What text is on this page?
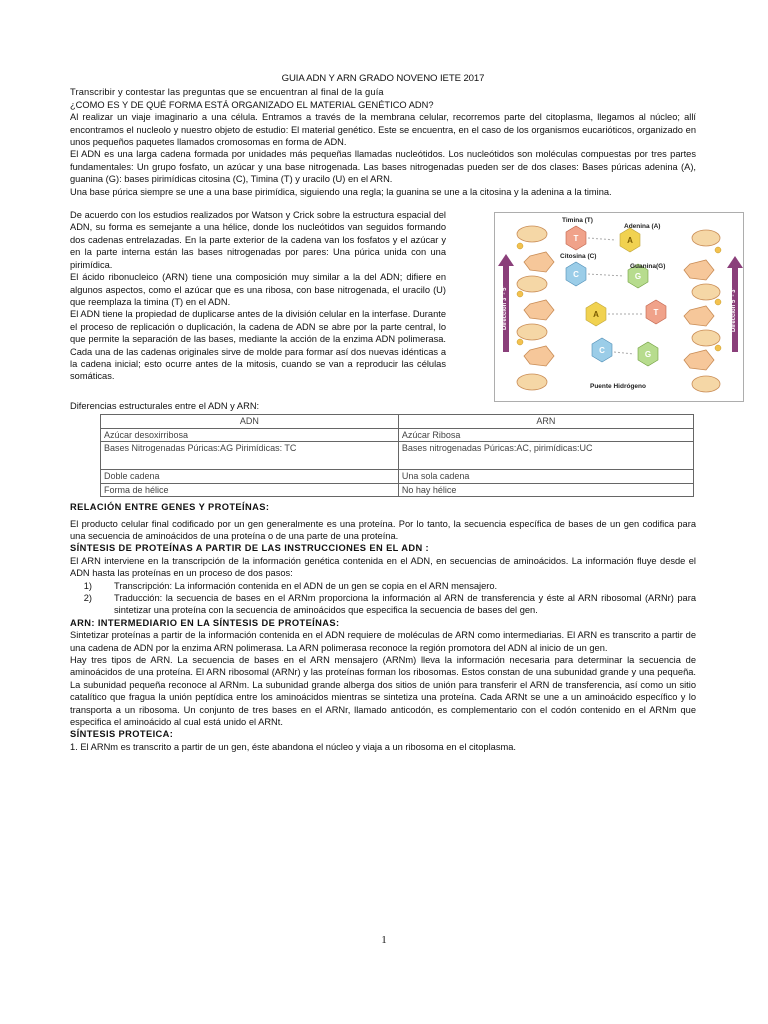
GUIA ADN Y ARN GRADO NOVENO IETE 2017

Transcribir y contestar las preguntas que se encuentran al final de la guía

¿COMO ES Y DE QUÉ FORMA ESTÁ ORGANIZADO EL MATERIAL GENÉTICO ADN?

Al realizar un viaje imaginario a una célula. Entramos a través de la membrana celular, recorremos parte del citoplasma, llegamos al núcleo; allí encontramos el nucleolo y nuestro objeto de estudio: El material genético. Este se encuentra, en el caso de los organismos eucarióticos, organizado en unos pequeños paquetes llamados cromosomas en forma de ADN.

El ADN es una larga cadena formada por unidades más pequeñas llamadas nucleótidos. Los nucleótidos son moléculas compuestas por tres partes fundamentales: Un grupo fosfato, un azúcar y una base nitrogenada. Las bases nitrogenadas pueden ser de dos clases: Bases púricas adenina (A), guanina (G): bases pirimídicas citosina (C), Timina (T) y uracilo (U) en el ARN.

Una base púrica siempre se une a una base pirimídica, siguiendo una regla; la guanina se une a la citosina y la adenina a la timina.

De acuerdo con los estudios realizados por Watson y Crick sobre la estructura espacial del ADN, su forma es semejante a una hélice, donde los nucleótidos van seguidos formando dos cadenas entrelazadas. En la parte exterior de la cadena van los fosfatos y el azúcar y en la parte interna están las bases nitrogenadas por pares: Una púrica unida con una pirimídica.

El ácido ribonucleico (ARN) tiene una composición muy similar a la del ADN; difiere en algunos aspectos, como el azúcar que es una ribosa, con base nitrogenada, el uracilo (U) que reemplaza la timina (T) en el ADN.

El ADN tiene la propiedad de duplicarse antes de la división celular en la interfase. Durante el proceso de replicación o duplicación, la cadena de ADN se abre por la parte central, lo que permite la separación de las bases, mediante la acción de la enzima ADN polimerasa. Cada una de las cadenas originales sirve de molde para formar así dos nuevas idénticas a la cadena inicial; esto ocurre antes de la mitosis, cuando se van a reproducir las células somáticas.

Dirección 3' - 5'	Dirección 5' - 3'
T	A
C	G
A	T
C	G
Timina (T)
Adenina (A)
Citosina (C)
Guanina(G)
Puente Hidrógeno

Diferencias estructurales entre el ADN y ARN:

ADN	ARN
Azúcar desoxirribosa	Azúcar Ribosa
Bases Nitrogenadas Púricas:AG Pirimídicas: TC	Bases nitrogenadas Púricas:AC, pirimídicas:UC
Doble cadena	Una sola cadena
Forma de hélice	No hay hélice

RELACIÓN ENTRE GENES Y PROTEÍNAS:

El producto celular final codificado por un gen generalmente es una proteína. Por lo tanto, la secuencia específica de bases de un gen codifica para una secuencia de aminoácidos de una proteína o de una parte de una proteína.

SÍNTESIS DE PROTEÍNAS A PARTIR DE LAS INSTRUCCIONES EN EL ADN :

El ARN interviene en la transcripción de la información genética contenida en el ADN, en secuencias de aminoácidos. La información fluye desde el ADN hasta las proteínas en un proceso de dos pasos:

1)	Transcripción: La información contenida en el ADN de un gen se copia en el ARN mensajero.
2)	Traducción: la secuencia de bases en el ARNm proporciona la información al ARN de transferencia y éste al ARN ribosomal (ARNr) para sintetizar una proteína con la secuencia de aminoácidos que especifica la secuencia de bases del gen.

ARN: INTERMEDIARIO EN LA SÍNTESIS DE PROTEÍNAS:

Sintetizar proteínas a partir de la información contenida en el ADN requiere de moléculas de ARN como intermediarias. El ARN es transcrito a partir de una cadena de ADN por la enzima ARN polimerasa. La ARN polimerasa reconoce la región promotora del ADN al inicio de un gen.

Hay tres tipos de ARN. La secuencia de bases en el ARN mensajero (ARNm) lleva la información necesaria para determinar la secuencia de aminoácidos de una proteína. El ARN ribosomal (ARNr) y las proteínas forman los ribosomas. Estos constan de una subunidad grande y una pequeña. La subunidad pequeña reconoce al ARNm. La subunidad grande alberga dos sitios de unión para transferir el ARN de transferencia, así como un sitio catalítico que fragua la unión peptídica entre los aminoácidos mientras se sintetiza una proteína. Cada ARNt se une a un aminoácido específico y lo transporta a un ribosoma. Un conjunto de tres bases en el ARNr, llamado anticodón, es complementario con el codón contenido en el ARNm que especifica el aminoácido al cual está unido el ARNt.

SÍNTESIS PROTEICA:

1. El ARNm es transcrito a partir de un gen, éste abandona el núcleo y viaja a un ribosoma en el citoplasma.

1
